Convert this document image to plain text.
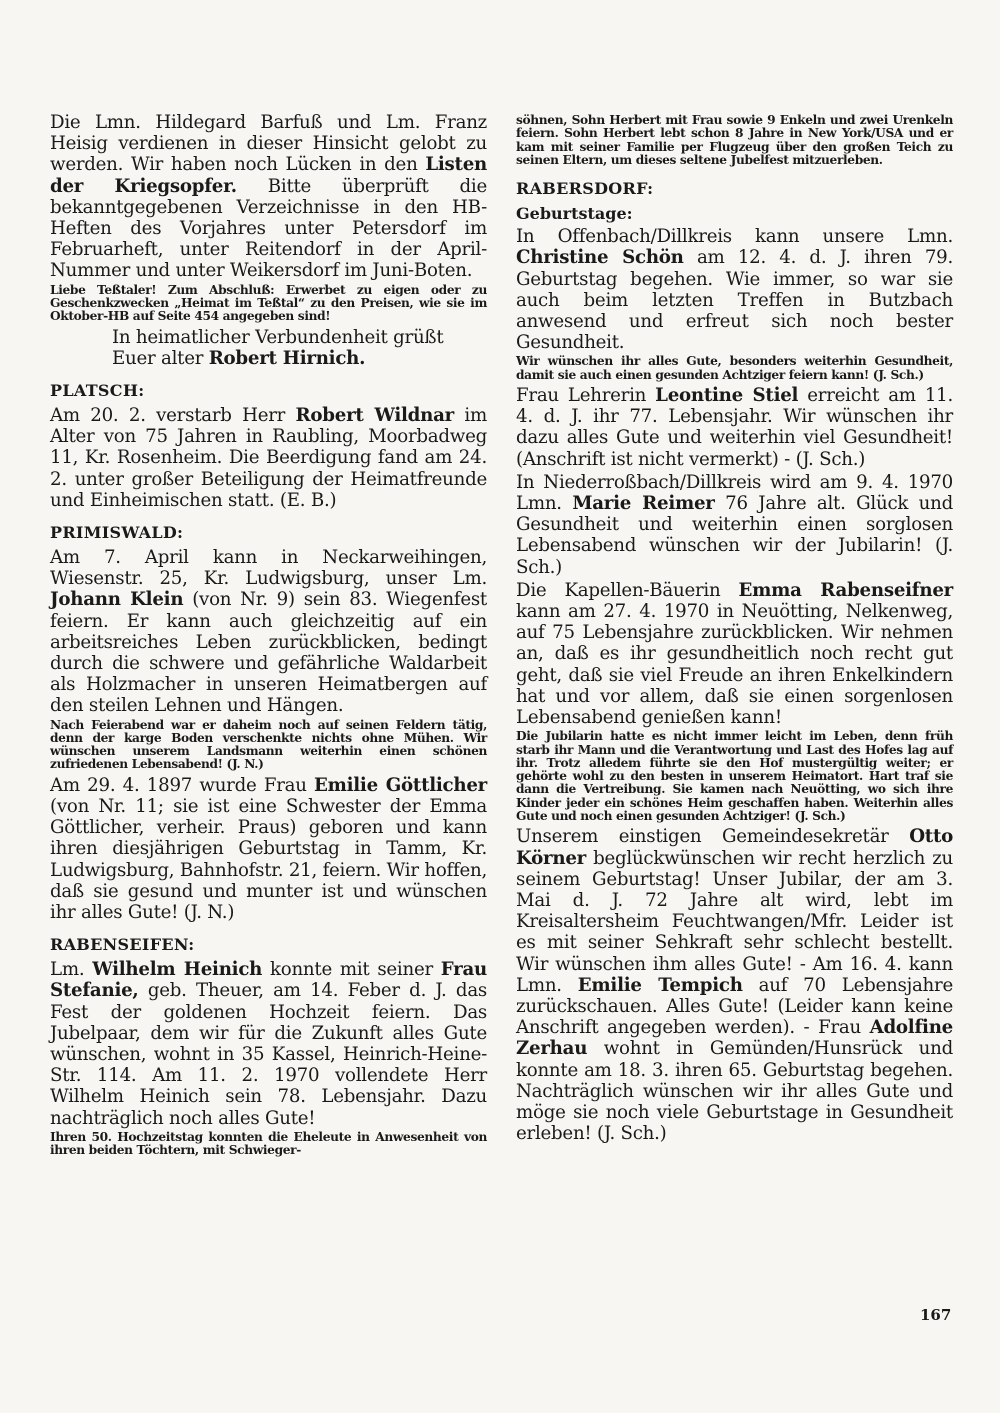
Die Lmn. Hildegard Barfuß und Lm. Franz Heisig verdienen in dieser Hinsicht gelobt zu werden. Wir haben noch Lücken in den Listen der Kriegsopfer. Bitte überprüft die bekanntgegebenen Verzeichnisse in den HB-Heften des Vorjahres unter Petersdorf im Februarheft, unter Reitendorf in der April-Nummer und unter Weikersdorf im Juni-Boten.

Liebe Teßtaler! Zum Abschluß: Erwerbet zu eigen oder zu Geschenkzwecken „Heimat im Teßtal“ zu den Preisen, wie sie im Oktober-HB auf Seite 454 angegeben sind!

In heimatlicher Verbundenheit grüßt Euer alter Robert Hirnich.

PLATSCH:

Am 20. 2. verstarb Herr Robert Wildnar im Alter von 75 Jahren in Raubling, Moorbadweg 11, Kr. Rosenheim. Die Beerdigung fand am 24. 2. unter großer Beteiligung der Heimatfreunde und Einheimischen statt. (E. B.)

PRIMISWALD:

Am 7. April kann in Neckarweihingen, Wiesenstr. 25, Kr. Ludwigsburg, unser Lm. Johann Klein (von Nr. 9) sein 83. Wiegenfest feiern. Er kann auch gleichzeitig auf ein arbeitsreiches Leben zurückblicken, bedingt durch die schwere und gefährliche Waldarbeit als Holzmacher in unseren Heimatbergen auf den steilen Lehnen und Hängen.

Nach Feierabend war er daheim noch auf seinen Feldern tätig, denn der karge Boden verschenkte nichts ohne Mühen. Wir wünschen unserem Landsmann weiterhin einen schönen zufriedenen Lebensabend! (J. N.)

Am 29. 4. 1897 wurde Frau Emilie Göttlicher (von Nr. 11; sie ist eine Schwester der Emma Göttlicher, verheir. Praus) geboren und kann ihren diesjährigen Geburtstag in Tamm, Kr. Ludwigsburg, Bahnhofstr. 21, feiern. Wir hoffen, daß sie gesund und munter ist und wünschen ihr alles Gute! (J. N.)

RABENSEIFEN:

Lm. Wilhelm Heinich konnte mit seiner Frau Stefanie, geb. Theuer, am 14. Feber d. J. das Fest der goldenen Hochzeit feiern. Das Jubelpaar, dem wir für die Zukunft alles Gute wünschen, wohnt in 35 Kassel, Heinrich-Heine-Str. 114. Am 11. 2. 1970 vollendete Herr Wilhelm Heinich sein 78. Lebensjahr. Dazu nachträglich noch alles Gute!

Ihren 50. Hochzeitstag konnten die Eheleute in Anwesenheit von ihren beiden Töchtern, mit Schwieger-

söhnen, Sohn Herbert mit Frau sowie 9 Enkeln und zwei Urenkeln feiern. Sohn Herbert lebt schon 8 Jahre in New York/USA und er kam mit seiner Familie per Flugzeug über den großen Teich zu seinen Eltern, um dieses seltene Jubelfest mitzuerleben.

RABERSDORF:
Geburtstage:

In Offenbach/Dillkreis kann unsere Lmn. Christine Schön am 12. 4. d. J. ihren 79. Geburtstag begehen. Wie immer, so war sie auch beim letzten Treffen in Butzbach anwesend und erfreut sich noch bester Gesundheit.

Wir wünschen ihr alles Gute, besonders weiterhin Gesundheit, damit sie auch einen gesunden Achtziger feiern kann! (J. Sch.)

Frau Lehrerin Leontine Stiel erreicht am 11. 4. d. J. ihr 77. Lebensjahr. Wir wünschen ihr dazu alles Gute und weiterhin viel Gesundheit! (Anschrift ist nicht vermerkt) - (J. Sch.)

In Niederroßbach/Dillkreis wird am 9. 4. 1970 Lmn. Marie Reimer 76 Jahre alt. Glück und Gesundheit und weiterhin einen sorglosen Lebensabend wünschen wir der Jubilarin! (J. Sch.)

Die Kapellen-Bäuerin Emma Rabenseifner kann am 27. 4. 1970 in Neuötting, Nelkenweg, auf 75 Lebensjahre zurückblicken. Wir nehmen an, daß es ihr gesundheitlich noch recht gut geht, daß sie viel Freude an ihren Enkelkindern hat und vor allem, daß sie einen sorgenlosen Lebensabend genießen kann!

Die Jubilarin hatte es nicht immer leicht im Leben, denn früh starb ihr Mann und die Verantwortung und Last des Hofes lag auf ihr. Trotz alledem führte sie den Hof mustergültig weiter; er gehörte wohl zu den besten in unserem Heimatort. Hart traf sie dann die Vertreibung. Sie kamen nach Neuötting, wo sich ihre Kinder jeder ein schönes Heim geschaffen haben. Weiterhin alles Gute und noch einen gesunden Achtziger! (J. Sch.)

Unserem einstigen Gemeindesekretär Otto Körner beglückwünschen wir recht herzlich zu seinem Geburtstag! Unser Jubilar, der am 3. Mai d. J. 72 Jahre alt wird, lebt im Kreisaltersheim Feuchtwangen/Mfr. Leider ist es mit seiner Sehkraft sehr schlecht bestellt. Wir wünschen ihm alles Gute! - Am 16. 4. kann Lmn. Emilie Tempich auf 70 Lebensjahre zurückschauen. Alles Gute! (Leider kann keine Anschrift angegeben werden). - Frau Adolfine Zerhau wohnt in Gemünden/Hunsrück und konnte am 18. 3. ihren 65. Geburtstag begehen. Nachträglich wünschen wir ihr alles Gute und möge sie noch viele Geburtstage in Gesundheit erleben! (J. Sch.)

167
